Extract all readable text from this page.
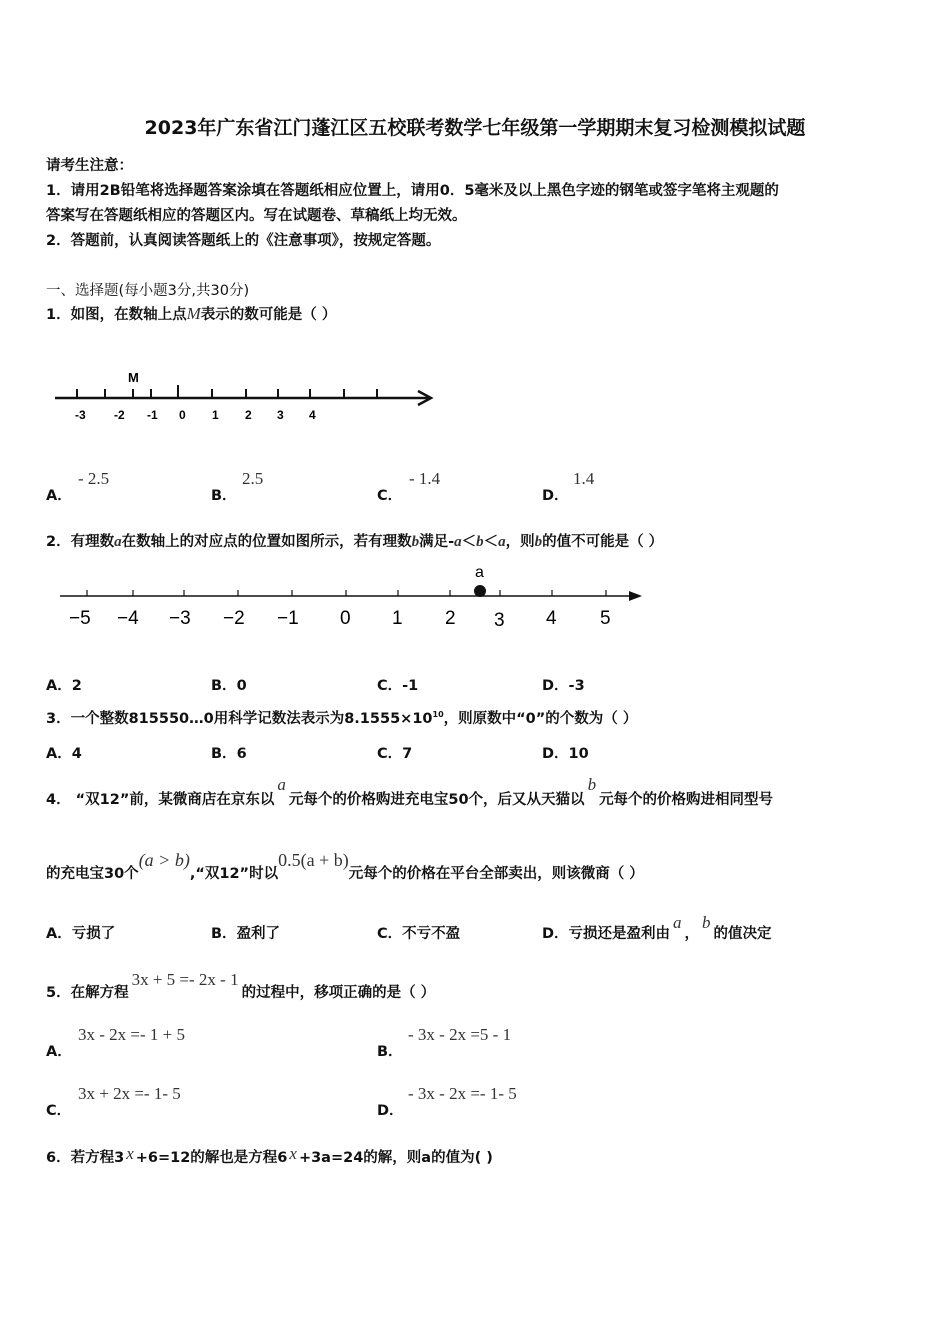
2023年广东省江门蓬江区五校联考数学七年级第一学期期末复习检测模拟试题
请考生注意：
1．请用2B铅笔将选择题答案涂填在答题纸相应位置上，请用0．5毫米及以上黑色字迹的钢笔或签字笔将主观题的
答案写在答题纸相应的答题区内。写在试题卷、草稿纸上均无效。
2．答题前，认真阅读答题纸上的《注意事项》，按规定答题。
一、选择题(每小题3分,共30分)
1．如图，在数轴上点M表示的数可能是（ ）
M
-3 -2 -1 0 1 2 3 4
A．
- 2.5
B．
2.5
C．
- 1.4
D．
1.4
2．有理数a在数轴上的对应点的位置如图所示，若有理数b满足-a＜b＜a，则b的值不可能是（ ）
a
−5 −4 −3 −2 −1 0 1 2 3 4 5
A．2	B．0	C．-1	D．-3
3．一个整数815550…0用科学记数法表示为$8.1555\times 10^{10}$，则原数中“0”的个数为（ ）
A．4	B．6	C．7	D．10
4． “双12”前，某微商店在京东以a元每个的价格购进充电宝50个，后又从天猫以b元每个的价格购进相同型号
的充电宝30个(a > b),“双12”时以0.5(a + b)元每个的价格在平台全部卖出，则该微商（ ）
A．亏损了	B．盈利了	C．不亏不盈	D．亏损还是盈利由a，b的值决定
5．在解方程3x + 5 =- 2x - 1的过程中，移项正确的是（ ）
A．
3x - 2x =- 1 + 5
B．
- 3x - 2x =5 - 1
C．
3x + 2x =- 1- 5
D．
- 3x - 2x =- 1- 5
6．若方程3 x +6=12的解也是方程6 x +3a=24的解，则a的值为( )
